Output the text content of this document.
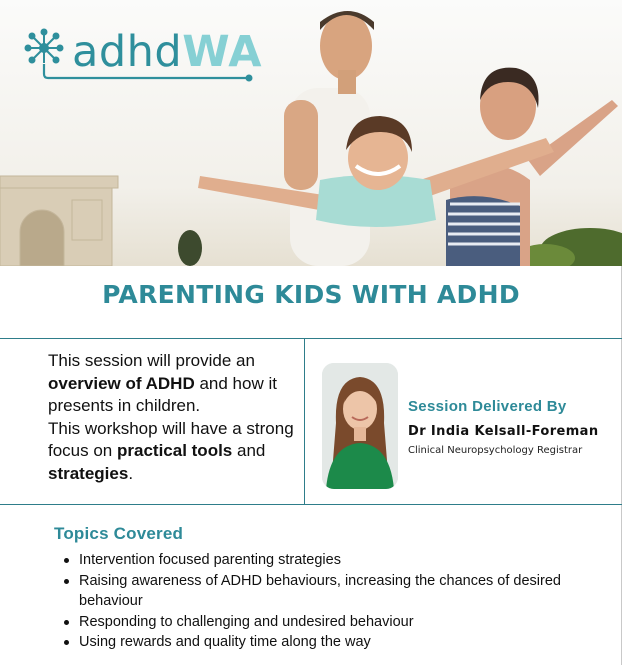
adhdWA
PARENTING KIDS WITH ADHD

This session will provide an overview of ADHD and how it presents in children.
This workshop will have a strong focus on practical tools and strategies.

Session Delivered By
Dr India Kelsall-Foreman
Clinical Neuropsychology Registrar
Topics Covered
Intervention focused parenting strategies
Raising awareness of ADHD behaviours, increasing the chances of desired behaviour
Responding to challenging and undesired behaviour
Using rewards and quality time along the way
